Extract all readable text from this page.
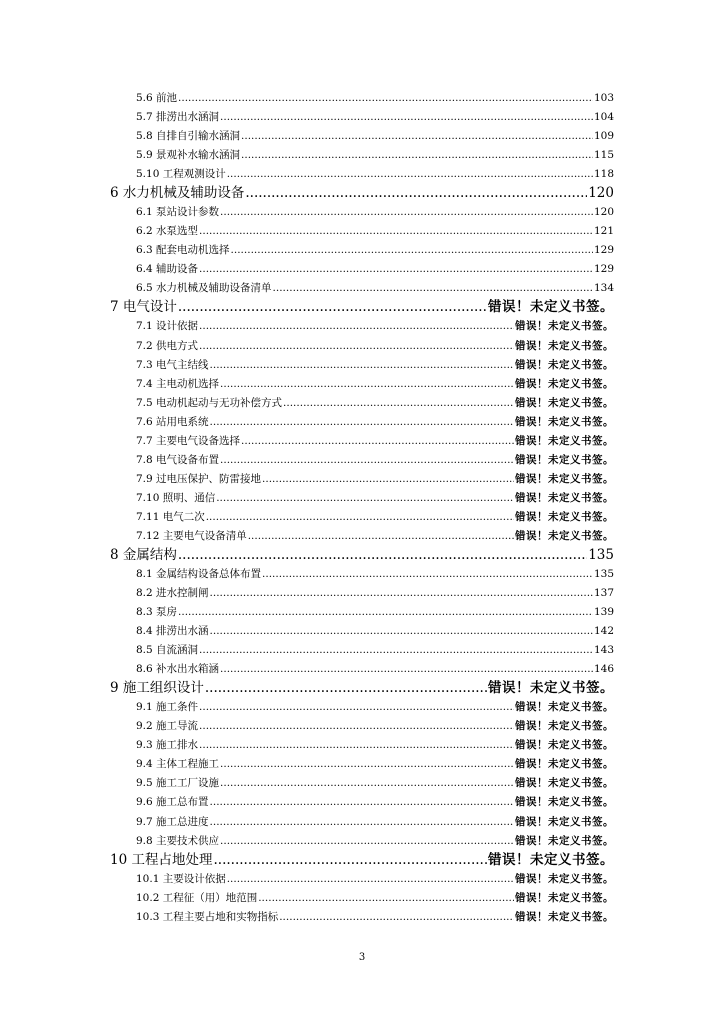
5.6 前池 .....	103
5.7 排涝出水涵洞 .....	104
5.8 自排自引输水涵洞 .....	109
5.9 景观补水输水涵洞 .....	115
5.10 工程观测设计 .....	118
6 水力机械及辅助设备 .....	120
6.1 泵站设计参数 .....	120
6.2 水泵选型 .....	121
6.3 配套电动机选择 .....	129
6.4 辅助设备 .....	129
6.5 水力机械及辅助设备清单 .....	134
7 电气设计 .....	错误！未定义书签。
7.1 设计依据 .....	错误！未定义书签。
7.2 供电方式 .....	错误！未定义书签。
7.3 电气主结线 .....	错误！未定义书签。
7.4 主电动机选择 .....	错误！未定义书签。
7.5 电动机起动与无功补偿方式 .....	错误！未定义书签。
7.6 站用电系统 .....	错误！未定义书签。
7.7 主要电气设备选择 .....	错误！未定义书签。
7.8 电气设备布置 .....	错误！未定义书签。
7.9 过电压保护、防雷接地 .....	错误！未定义书签。
7.10 照明、通信 .....	错误！未定义书签。
7.11 电气二次 .....	错误！未定义书签。
7.12 主要电气设备清单 .....	错误！未定义书签。
8 金属结构 .....	135
8.1 金属结构设备总体布置 .....	135
8.2 进水控制闸 .....	137
8.3 泵房 .....	139
8.4 排涝出水涵 .....	142
8.5 自流涵洞 .....	143
8.6 补水出水箱涵 .....	146
9 施工组织设计 .....	错误！未定义书签。
9.1 施工条件 .....	错误！未定义书签。
9.2 施工导流 .....	错误！未定义书签。
9.3 施工排水 .....	错误！未定义书签。
9.4 主体工程施工 .....	错误！未定义书签。
9.5 施工工厂设施 .....	错误！未定义书签。
9.6 施工总布置 .....	错误！未定义书签。
9.7 施工总进度 .....	错误！未定义书签。
9.8 主要技术供应 .....	错误！未定义书签。
10 工程占地处理 .....	错误！未定义书签。
10.1 主要设计依据 .....	错误！未定义书签。
10.2 工程征（用）地范围 .....	错误！未定义书签。
10.3 工程主要占地和实物指标 .....	错误！未定义书签。
3
